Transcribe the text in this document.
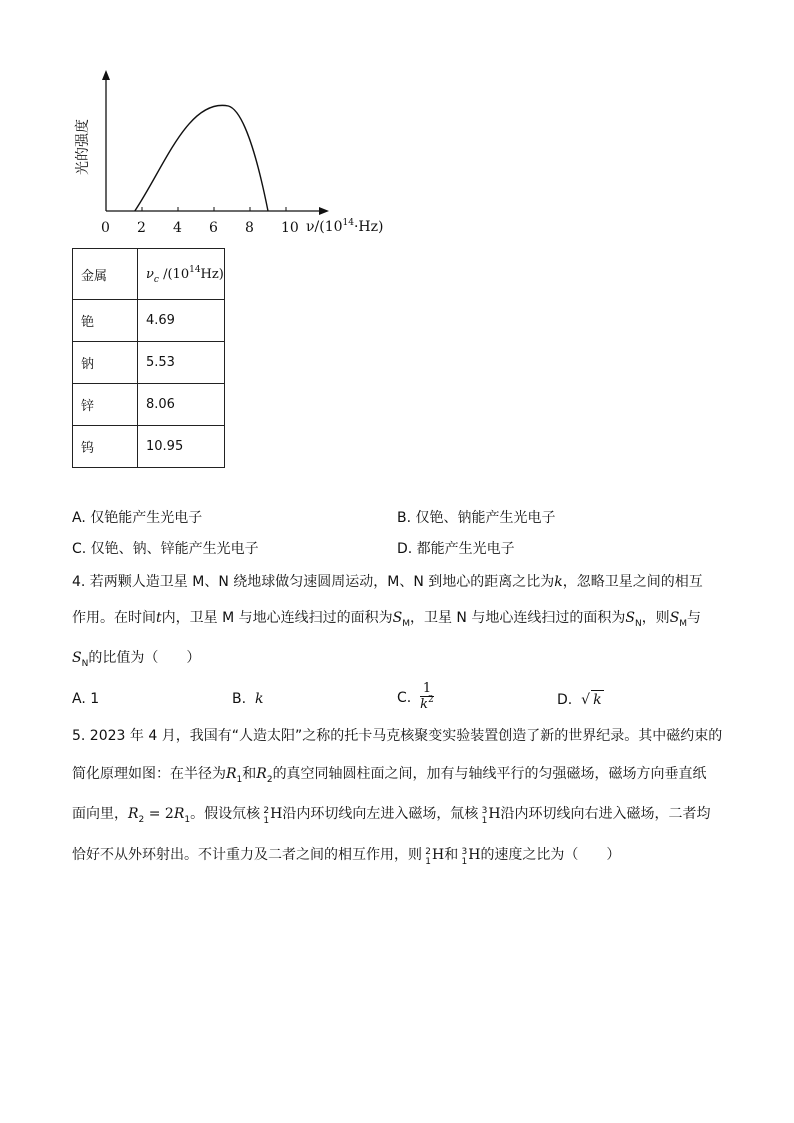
光的强度
0 2 4 6 8 10 $\nu/(10^{14}\cdot Hz)$
金属	$\nu_c$ $/(10^{14}Hz)$
铯	4.69
钠	5.53
锌	8.06
钨	10.95
A. 仅铯能产生光电子	B. 仅铯、钠能产生光电子
C. 仅铯、钠、锌能产生光电子	D. 都能产生光电子
4. 若两颗人造卫星 M、N 绕地球做匀速圆周运动，M、N 到地心的距离之比为k，忽略卫星之间的相互
作用。在时间t内，卫星 M 与地心连线扫过的面积为$S_M$，卫星 N 与地心连线扫过的面积为$S_N$，则$S_M$与
$S_N$的比值为（　　）
A. 1	B. k	C. $\frac{1}{k^2}$	D. √ k
5. 2023 年 4 月，我国有“人造太阳”之称的托卡马克核聚变实验装置创造了新的世界纪录。其中磁约束的
简化原理如图：在半径为$R_1$和$R_2$的真空同轴圆柱面之间，加有与轴线平行的匀强磁场，磁场方向垂直纸
面向里，$R_2 = 2R_1$。假设氘核 2
1 H沿内环切线向左进入磁场，氚核 3
1 H沿内环切线向右进入磁场，二者均
恰好不从外环射出。不计重力及二者之间的相互作用，则 2
1 H和 3
1 H的速度之比为（　　）
